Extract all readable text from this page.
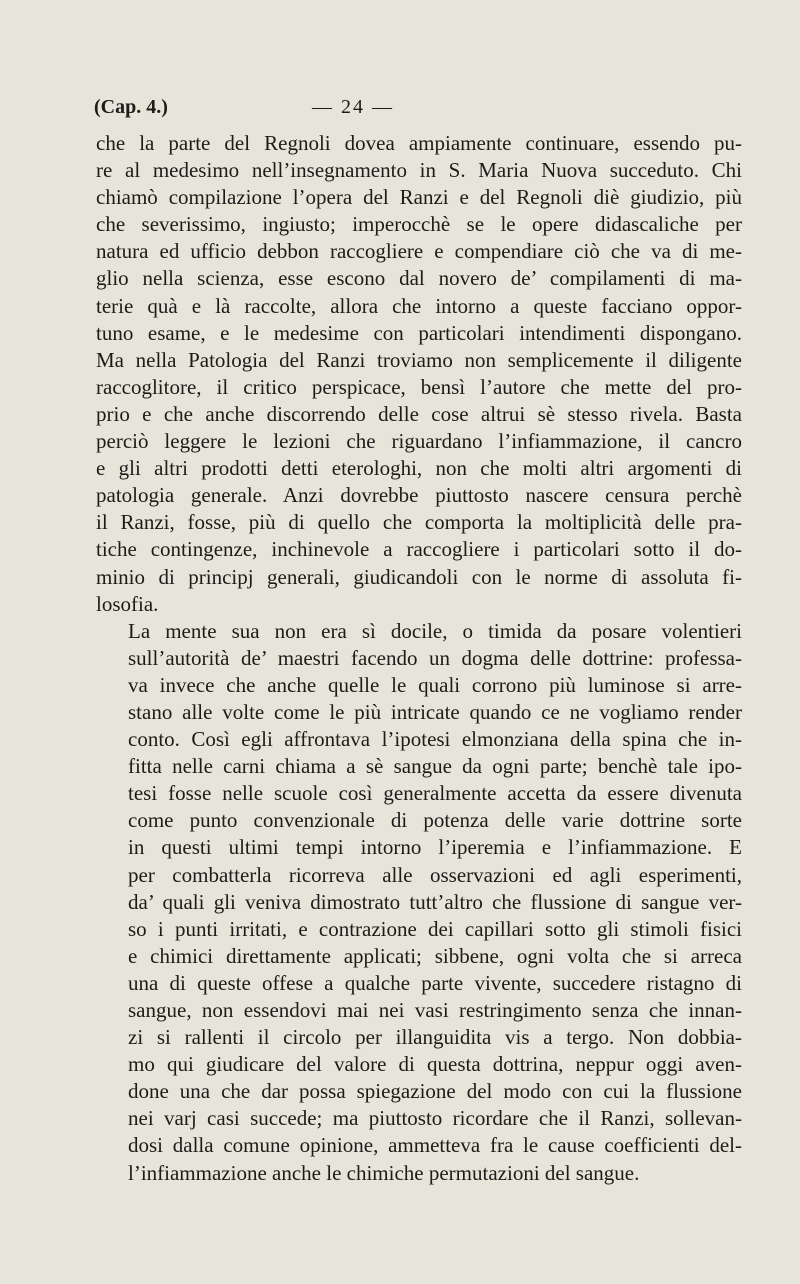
(Cap. 4.)	— 24 —
che la parte del Regnoli dovea ampiamente continuare, essendo pu-
re al medesimo nell’insegnamento in S. Maria Nuova succeduto. Chi
chiamò compilazione l’opera del Ranzi e del Regnoli diè giudizio, più
che severissimo, ingiusto; imperocchè se le opere didascaliche per
natura ed ufficio debbon raccogliere e compendiare ciò che va di me-
glio nella scienza, esse escono dal novero de’ compilamenti di ma-
terie quà e là raccolte, allora che intorno a queste facciano oppor-
tuno esame, e le medesime con particolari intendimenti dispongano.
Ma nella Patologia del Ranzi troviamo non semplicemente il diligente
raccoglitore, il critico perspicace, bensì l’autore che mette del pro-
prio e che anche discorrendo delle cose altrui sè stesso rivela. Basta
perciò leggere le lezioni che riguardano l’infiammazione, il cancro
e gli altri prodotti detti eterologhi, non che molti altri argomenti di
patologia generale. Anzi dovrebbe piuttosto nascere censura perchè
il Ranzi, fosse, più di quello che comporta la moltiplicità delle pra-
tiche contingenze, inchinevole a raccogliere i particolari sotto il do-
minio di principj generali, giudicandoli con le norme di assoluta fi-
losofia.
La mente sua non era sì docile, o timida da posare volentieri
sull’autorità de’ maestri facendo un dogma delle dottrine: professa-
va invece che anche quelle le quali corrono più luminose si arre-
stano alle volte come le più intricate quando ce ne vogliamo render
conto. Così egli affrontava l’ipotesi elmonziana della spina che in-
fitta nelle carni chiama a sè sangue da ogni parte; benchè tale ipo-
tesi fosse nelle scuole così generalmente accetta da essere divenuta
come punto convenzionale di potenza delle varie dottrine sorte
in questi ultimi tempi intorno l’iperemia e l’infiammazione. E
per combatterla ricorreva alle osservazioni ed agli esperimenti,
da’ quali gli veniva dimostrato tutt’altro che flussione di sangue ver-
so i punti irritati, e contrazione dei capillari sotto gli stimoli fisici
e chimici direttamente applicati; sibbene, ogni volta che si arreca
una di queste offese a qualche parte vivente, succedere ristagno di
sangue, non essendovi mai nei vasi restringimento senza che innan-
zi si rallenti il circolo per illanguidita vis a tergo. Non dobbia-
mo qui giudicare del valore di questa dottrina, neppur oggi aven-
done una che dar possa spiegazione del modo con cui la flussione
nei varj casi succede; ma piuttosto ricordare che il Ranzi, sollevan-
dosi dalla comune opinione, ammetteva fra le cause coefficienti del-
l’infiammazione anche le chimiche permutazioni del sangue.
